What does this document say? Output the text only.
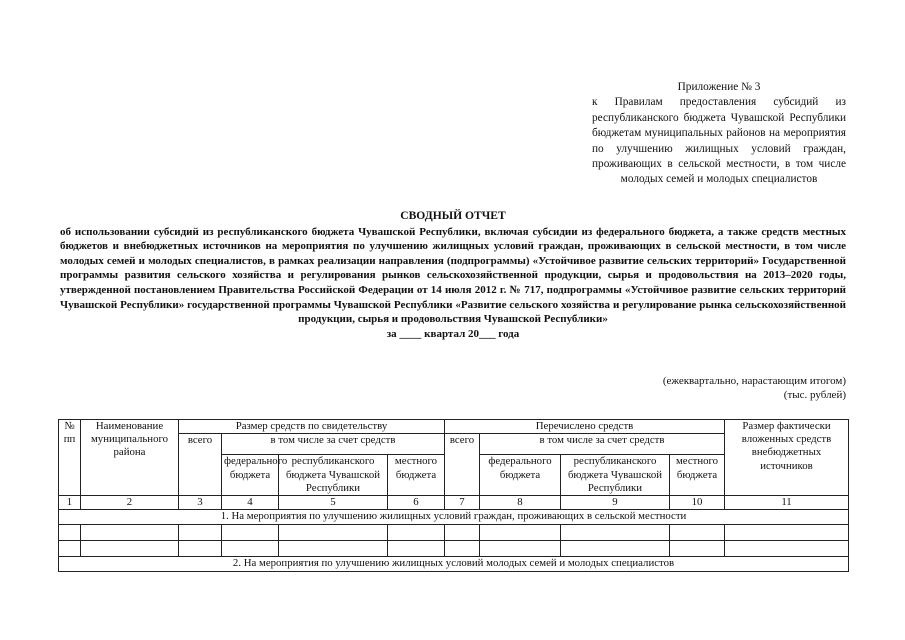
Приложение № 3
к Правилам предоставления субсидий из республиканского бюджета Чувашской Республики бюджетам муниципальных районов на мероприятия по улучшению жилищных условий граждан, проживающих в сельской местности, в том числе молодых семей и молодых специалистов
СВОДНЫЙ ОТЧЕТ
об использовании субсидий из республиканского бюджета Чувашской Республики, включая субсидии из федерального бюджета, а также средств местных бюджетов и внебюджетных источников на мероприятия по улучшению жилищных условий граждан, проживающих в сельской местности, в том числе молодых семей и молодых специалистов, в рамках реализации направления (подпрограммы) «Устойчивое развитие сельских территорий» Государственной программы развития сельского хозяйства и регулирования рынков сельскохозяйственной продукции, сырья и продовольствия на 2013–2020 годы, утвержденной постановлением Правительства Российской Федерации от 14 июля 2012 г. № 717, подпрограммы «Устойчивое развитие сельских территорий Чувашской Республики» государственной программы Чувашской Республики «Развитие сельского хозяйства и регулирование рынка сельскохозяйственной продукции, сырья и продовольствия Чувашской Республики»
за ____ квартал 20___ года
(ежеквартально, нарастающим итогом)
(тыс. рублей)
№ пп	Наименование муниципального района	Размер средств по свидетельству				Перечислено средств				Размер фактически вложенных средств внебюджетных источников
		всего	в том числе за счет средств			всего	в том числе за счет средств			
			федерального бюджета	республиканского бюджета Чувашской Республики	местного бюджета		федерального бюджета	республиканского бюджета Чувашской Республики	местного бюджета	
1	2	3	4	5	6	7	8	9	10	11
1. На мероприятия по улучшению жилищных условий граждан, проживающих в сельской местности										

2. На мероприятия по улучшению жилищных условий молодых семей и молодых специалистов										
